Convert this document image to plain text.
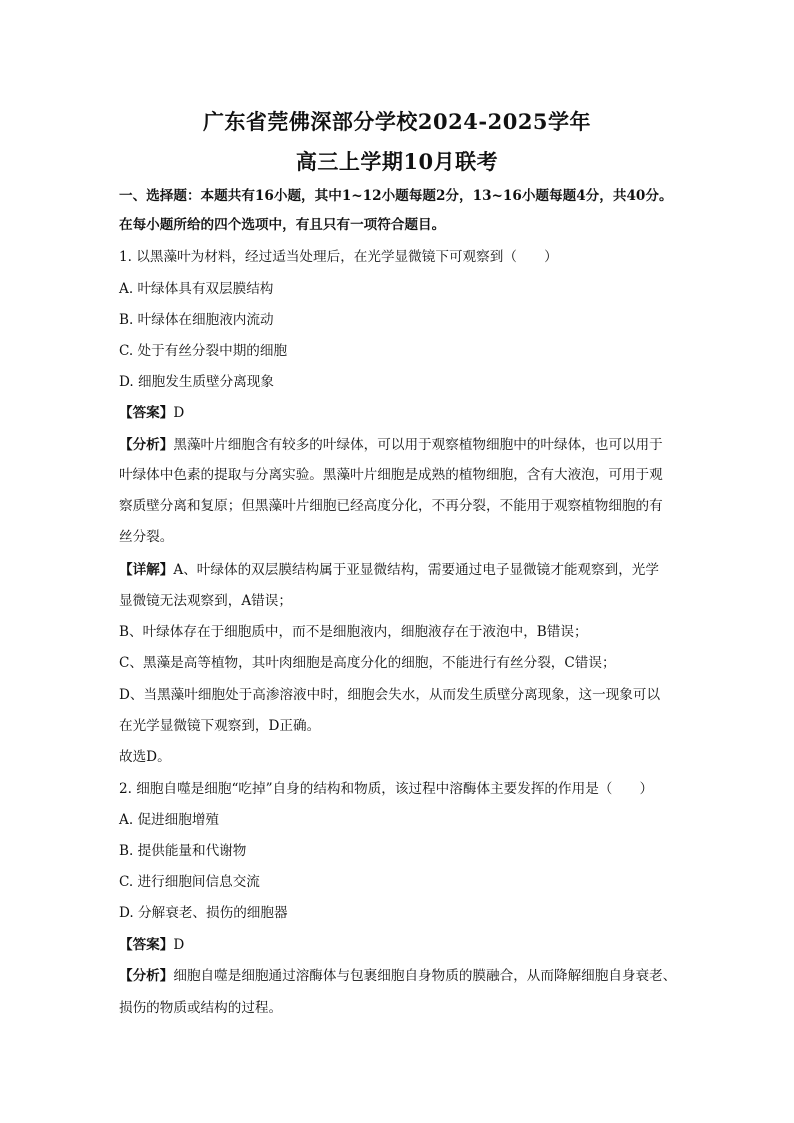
广东省莞佛深部分学校2024-2025学年
高三上学期10月联考
一、选择题：本题共有16小题，其中1~12小题每题2分，13~16小题每题4分，共40分。
在每小题所给的四个选项中，有且只有一项符合题目。
1. 以黑藻叶为材料，经过适当处理后，在光学显微镜下可观察到（　　）
A. 叶绿体具有双层膜结构
B. 叶绿体在细胞液内流动
C. 处于有丝分裂中期的细胞
D. 细胞发生质壁分离现象
【答案】D
【分析】黑藻叶片细胞含有较多的叶绿体，可以用于观察植物细胞中的叶绿体，也可以用于
叶绿体中色素的提取与分离实验。黑藻叶片细胞是成熟的植物细胞，含有大液泡，可用于观
察质壁分离和复原；但黑藻叶片细胞已经高度分化，不再分裂，不能用于观察植物细胞的有
丝分裂。
【详解】A、叶绿体的双层膜结构属于亚显微结构，需要通过电子显微镜才能观察到，光学
显微镜无法观察到，A错误；
B、叶绿体存在于细胞质中，而不是细胞液内，细胞液存在于液泡中，B错误；
C、黑藻是高等植物，其叶肉细胞是高度分化的细胞，不能进行有丝分裂，C错误；
D、当黑藻叶细胞处于高渗溶液中时，细胞会失水，从而发生质壁分离现象，这一现象可以
在光学显微镜下观察到，D正确。
故选D。
2. 细胞自噬是细胞“吃掉”自身的结构和物质，该过程中溶酶体主要发挥的作用是（　　）
A. 促进细胞增殖
B. 提供能量和代谢物
C. 进行细胞间信息交流
D. 分解衰老、损伤的细胞器
【答案】D
【分析】细胞自噬是细胞通过溶酶体与包裹细胞自身物质的膜融合，从而降解细胞自身衰老、
损伤的物质或结构的过程。
